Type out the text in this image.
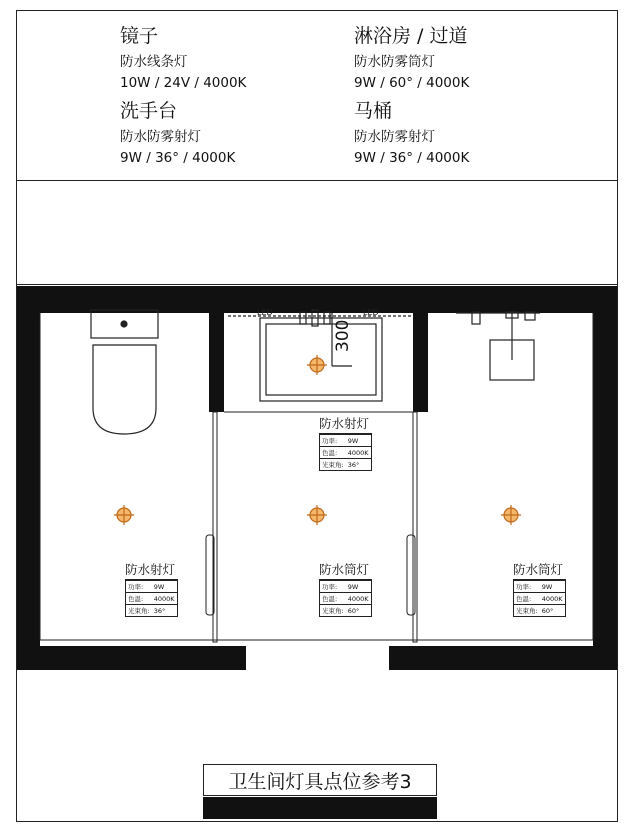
镜子
防水线条灯
10W / 24V / 4000K
淋浴房 / 过道
防水防雾筒灯
9W / 60° / 4000K
洗手台
防水防雾射灯
9W / 36° / 4000K
马桶
防水防雾射灯
9W / 36° / 4000K
LED	LED
300
防水射灯
功率:	9W
色温:	4000K
光束角:	36°
防水射灯
功率:	9W
色温:	4000K
光束角:	36°
防水筒灯
功率:	9W
色温:	4000K
光束角:	60°
防水筒灯
功率:	9W
色温:	4000K
光束角:	60°
卫生间灯具点位参考3
